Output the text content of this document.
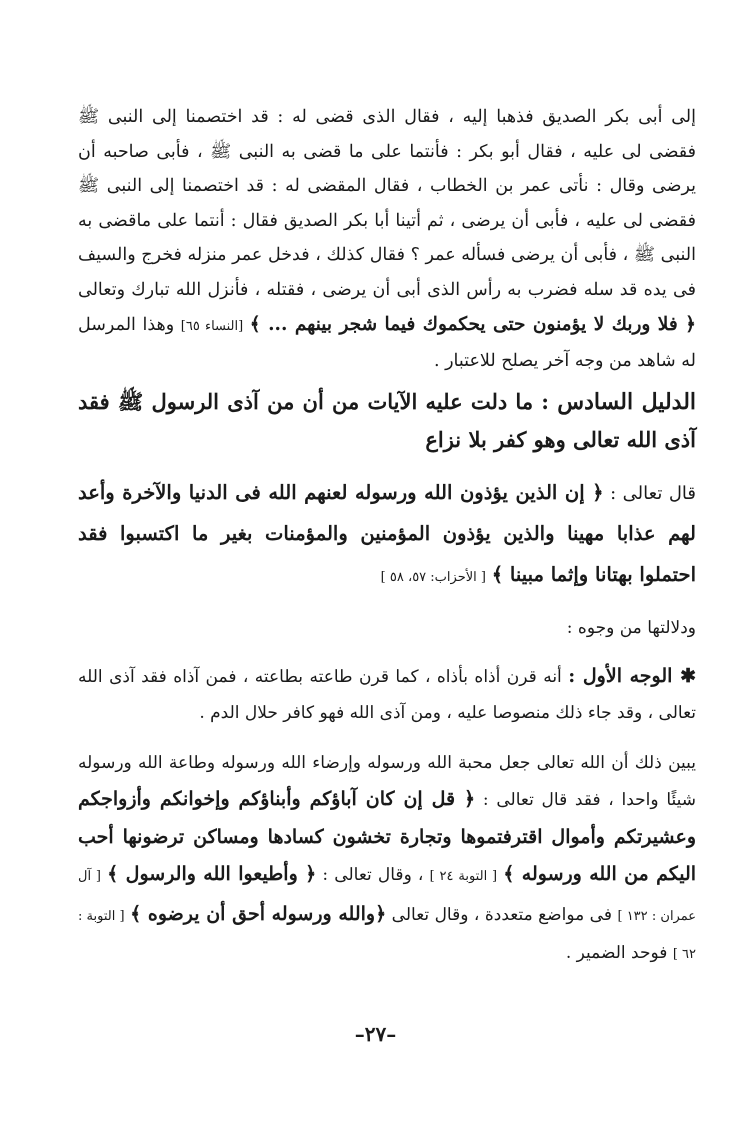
إلى أبى بكر الصديق فذهبا إليه ، فقال الذى قضى له : قد اختصمنا إلى النبى ﷺ فقضى لى عليه ، فقال أبو بكر : فأنتما على ما قضى به النبى ﷺ ، فأبى صاحبه أن يرضى وقال : نأتى عمر بن الخطاب ، فقال المقضى له : قد اختصمنا إلى النبى ﷺ فقضى لى عليه ، فأبى أن يرضى ، ثم أتينا أبا بكر الصديق فقال : أنتما على ماقضى به النبى ﷺ ، فأبى أن يرضى فسأله عمر ؟ فقال كذلك ، فدخل عمر منزله فخرج والسيف فى يده قد سله فضرب به رأس الذى أبى أن يرضى ، فقتله ، فأنزل الله تبارك وتعالى ﴿ فلا وربك لا يؤمنون حتى يحكموك فيما شجر بينهم ... ﴾ [النساء ٦٥] وهذا المرسل له شاهد من وجه آخر يصلح للاعتبار .

الدليل السادس : ما دلت عليه الآيات من أن من آذى الرسول ﷺ فقد آذى الله تعالى وهو كفر بلا نزاع

قال تعالى : ﴿ إن الذين يؤذون الله ورسوله لعنهم الله فى الدنيا والآخرة وأعد لهم عذابا مهينا والذين يؤذون المؤمنين والمؤمنات بغير ما اكتسبوا فقد احتملوا بهتانا وإثما مبينا ﴾ [ الأحزاب: ٥٧، ٥٨ ]

ودلالتها من وجوه :

✱ الوجه الأول : أنه قرن أذاه بأذاه ، كما قرن طاعته بطاعته ، فمن آذاه فقد آذى الله تعالى ، وقد جاء ذلك منصوصا عليه ، ومن آذى الله فهو كافر حلال الدم .

يبين ذلك أن الله تعالى جعل محبة الله ورسوله وإرضاء الله ورسوله وطاعة الله ورسوله شيئًا واحدا ، فقد قال تعالى : ﴿ قل إن كان آباؤكم وأبناؤكم وإخوانكم وأزواجكم وعشيرتكم وأموال اقترفتموها وتجارة تخشون كسادها ومساكن ترضونها أحب اليكم من الله ورسوله ﴾ [ التوبة ٢٤ ] ، وقال تعالى : ﴿ وأطيعوا الله والرسول ﴾ [ آل عمران : ١٣٢ ] فى مواضع متعددة ، وقال تعالى ﴿والله ورسوله أحق أن يرضوه ﴾ [ التوبة : ٦٢ ] فوحد الضمير .

–٢٧–
